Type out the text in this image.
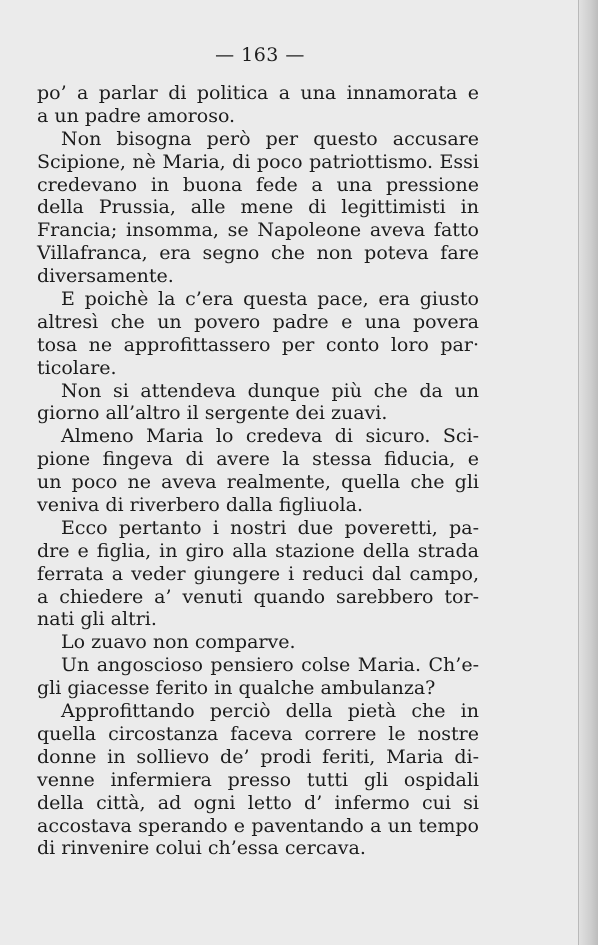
— 163 —
po’ a parlar di politica a una innamorata e
a un padre amoroso.
Non bisogna però per questo accusare
Scipione, nè Maria, di poco patriottismo. Essi
credevano in buona fede a una pressione
della Prussia, alle mene di legittimisti in
Francia; insomma, se Napoleone aveva fatto
Villafranca, era segno che non poteva fare
diversamente.
E poichè la c’era questa pace, era giusto
altresì che un povero padre e una povera
tosa ne approfittassero per conto loro par·
ticolare.
Non si attendeva dunque più che da un
giorno all’altro il sergente dei zuavi.
Almeno Maria lo credeva di sicuro. Sci-
pione fingeva di avere la stessa fiducia, e
un poco ne aveva realmente, quella che gli
veniva di riverbero dalla figliuola.
Ecco pertanto i nostri due poveretti, pa-
dre e figlia, in giro alla stazione della strada
ferrata a veder giungere i reduci dal campo,
a chiedere a’ venuti quando sarebbero tor-
nati gli altri.
Lo zuavo non comparve.
Un angoscioso pensiero colse Maria. Ch’e-
gli giacesse ferito in qualche ambulanza?
Approfittando perciò della pietà che in
quella circostanza faceva correre le nostre
donne in sollievo de’ prodi feriti, Maria di-
venne infermiera presso tutti gli ospidali
della città, ad ogni letto d’ infermo cui si
accostava sperando e paventando a un tempo
di rinvenire colui ch’essa cercava.
